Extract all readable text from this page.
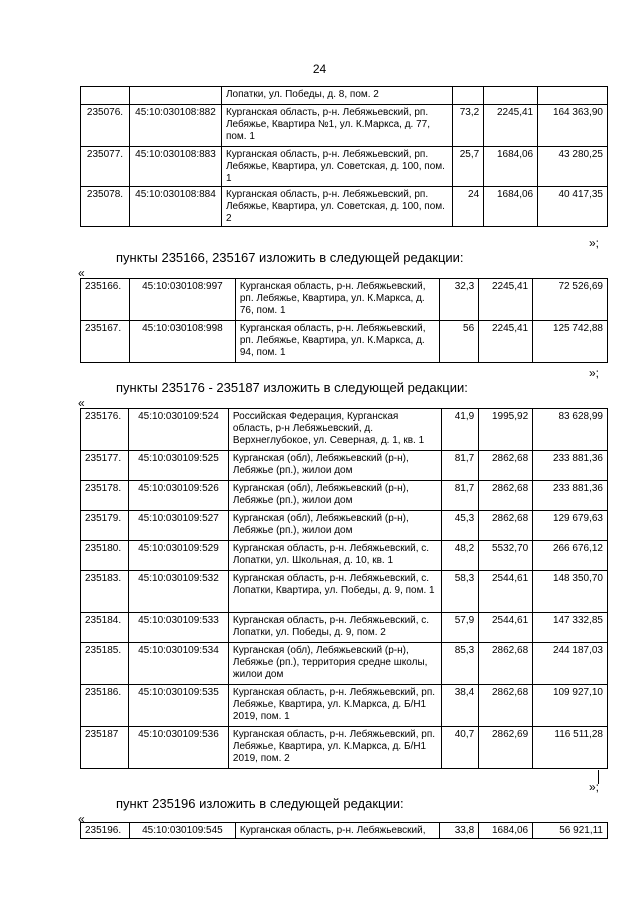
24
		Лопатки, ул. Победы, д. 8, пом. 2			
235076.	45:10:030108:882	Курганская область, р-н. Лебяжьевский, рп. Лебяжье, Квартира №1, ул. К.Маркса, д. 77, пом. 1	73,2	2245,41	164 363,90
235077.	45:10:030108:883	Курганская область, р-н. Лебяжьевский, рп. Лебяжье, Квартира, ул. Советская, д. 100, пом. 1	25,7	1684,06	43 280,25
235078.	45:10:030108:884	Курганская область, р-н. Лебяжьевский, рп. Лебяжье, Квартира, ул. Советская, д. 100, пом. 2	24	1684,06	40 417,35
»;
пункты 235166, 235167 изложить в следующей редакции:
«
235166.	45:10:030108:997	Курганская область, р-н. Лебяжьевский, рп. Лебяжье, Квартира, ул. К.Маркса, д. 76, пом. 1	32,3	2245,41	72 526,69
235167.	45:10:030108:998	Курганская область, р-н. Лебяжьевский, рп. Лебяжье, Квартира, ул. К.Маркса, д. 94, пом. 1	56	2245,41	125 742,88
»;
пункты 235176 - 235187 изложить в следующей редакции:
«
235176.	45:10:030109:524	Российская Федерация, Курганская область, р-н Лебяжьевский, д. Верхнеглубокое, ул. Северная, д. 1, кв. 1	41,9	1995,92	83 628,99
235177.	45:10:030109:525	Курганская (обл), Лебяжьевский (р-н), Лебяжье (рп.), жилои дом	81,7	2862,68	233 881,36
235178.	45:10:030109:526	Курганская (обл), Лебяжьевский (р-н), Лебяжье (рп.), жилои дом	81,7	2862,68	233 881,36
235179.	45:10:030109:527	Курганская (обл), Лебяжьевский (р-н), Лебяжье (рп.), жилои дом	45,3	2862,68	129 679,63
235180.	45:10:030109:529	Курганская область, р-н. Лебяжьевский, с. Лопатки, ул. Школьная, д. 10, кв. 1	48,2	5532,70	266 676,12
235183.	45:10:030109:532	Курганская область, р-н. Лебяжьевский, с. Лопатки, Квартира, ул. Победы, д. 9, пом. 1	58,3	2544,61	148 350,70
235184.	45:10:030109:533	Курганская область, р-н. Лебяжьевский, с. Лопатки, ул. Победы, д. 9, пом. 2	57,9	2544,61	147 332,85
235185.	45:10:030109:534	Курганская (обл), Лебяжьевский (р-н), Лебяжье (рп.), территория средне школы, жилои дом	85,3	2862,68	244 187,03
235186.	45:10:030109:535	Курганская область, р-н. Лебяжьевский, рп. Лебяжье, Квартира, ул. К.Маркса, д. Б/Н1 2019, пом. 1	38,4	2862,68	109 927,10
235187	45:10:030109:536	Курганская область, р-н. Лебяжьевский, рп. Лебяжье, Квартира, ул. К.Маркса, д. Б/Н1 2019, пом. 2	40,7	2862,69	116 511,28
»;
пункт 235196 изложить в следующей редакции:
«
235196.	45:10:030109:545	Курганская область, р-н. Лебяжьевский,	33,8	1684,06	56 921,11
